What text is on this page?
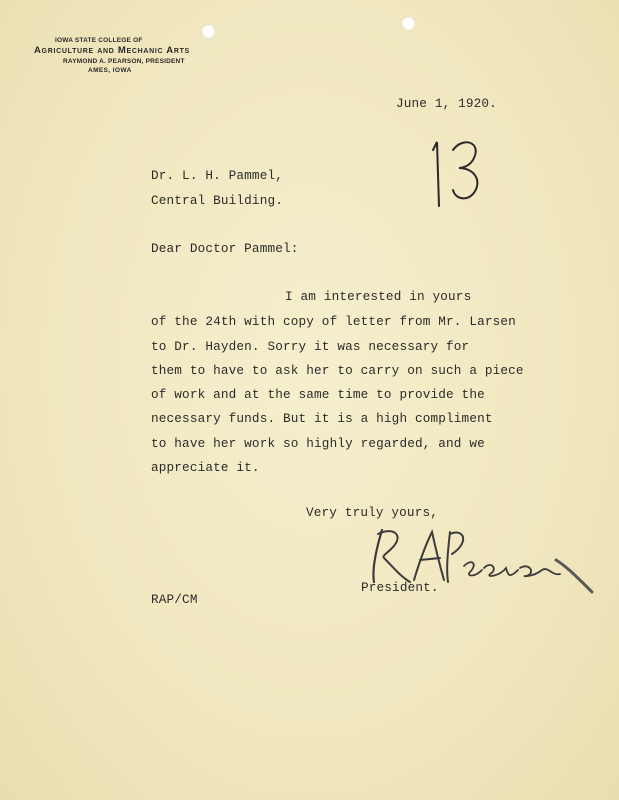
IOWA STATE COLLEGE OF
Agriculture and Mechanic Arts
RAYMOND A. PEARSON, PRESIDENT
AMES, IOWA
June 1, 1920.
Dr. L. H. Pammel,
Central Building.
Dear Doctor Pammel:
I am interested in yours
of the 24th with copy of letter from Mr. Larsen
to Dr. Hayden. Sorry it was necessary for
them to have to ask her to carry on such a piece
of work and at the same time to provide the
necessary funds. But it is a high compliment
to have her work so highly regarded, and we
appreciate it.
Very truly yours,
President.
RAP/CM
